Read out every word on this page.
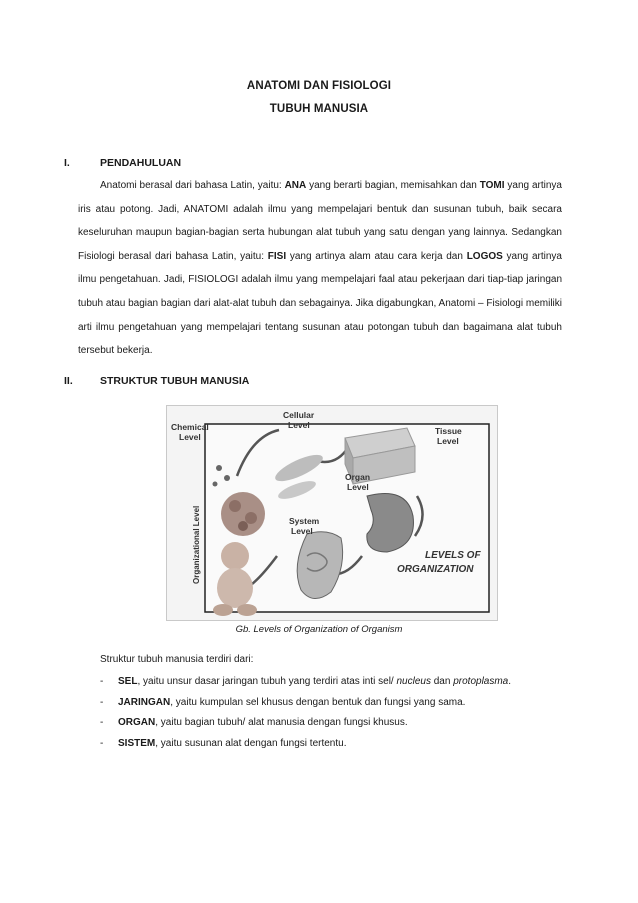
ANATOMI DAN FISIOLOGI
TUBUH MANUSIA
I.	PENDAHULUAN
Anatomi berasal dari bahasa Latin, yaitu: ANA yang berarti bagian, memisahkan dan TOMI yang artinya iris atau potong. Jadi, ANATOMI adalah ilmu yang mempelajari bentuk dan susunan tubuh, baik secara keseluruhan maupun bagian-bagian serta hubungan alat tubuh yang satu dengan yang lainnya. Sedangkan Fisiologi berasal dari bahasa Latin, yaitu: FISI yang artinya alam atau cara kerja dan LOGOS yang artinya ilmu pengetahuan. Jadi, FISIOLOGI adalah ilmu yang mempelajari faal atau pekerjaan dari tiap-tiap jaringan tubuh atau bagian bagian dari alat-alat tubuh dan sebagainya. Jika digabungkan, Anatomi – Fisiologi memiliki arti ilmu pengetahuan yang mempelajari tentang susunan atau potongan tubuh dan bagaimana alat tubuh tersebut bekerja.
II.	STRUKTUR TUBUH MANUSIA
Chemical
Level
Cellular
Level
Tissue
Level
Organ
Level
System
Level
Organizational Level	LEVELS OF
ORGANIZATION
Gb. Levels of Organization of Organism
Struktur tubuh manusia terdiri dari:
- SEL, yaitu unsur dasar jaringan tubuh yang terdiri atas inti sel/ nucleus dan protoplasma.
- JARINGAN, yaitu kumpulan sel khusus dengan bentuk dan fungsi yang sama.
- ORGAN, yaitu bagian tubuh/ alat manusia dengan fungsi khusus.
- SISTEM, yaitu susunan alat dengan fungsi tertentu.
